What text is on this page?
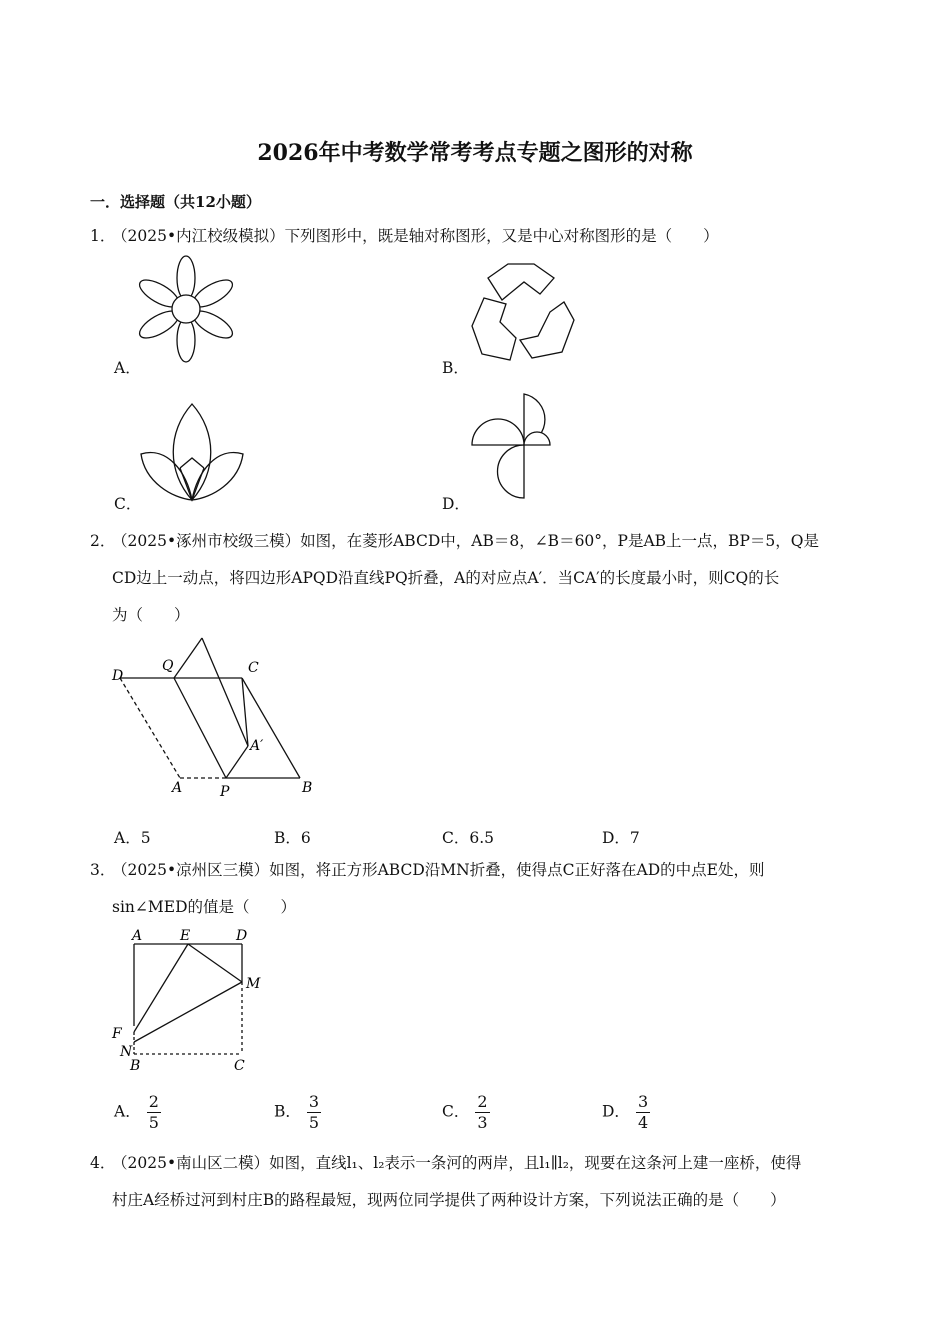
2026年中考数学常考考点专题之图形的对称
一．选择题（共12小题）
1．（2025•内江校级模拟）下列图形中，既是轴对称图形，又是中心对称图形的是（　　）
A．	B．
C．	D．
2．（2025•涿州市校级三模）如图，在菱形ABCD中，AB＝8，∠B＝60°，P是AB上一点，BP＝5，Q是
CD边上一动点，将四边形APQD沿直线PQ折叠，A的对应点A′．当CA′的长度最小时，则CQ的长
为（　　）
D
Q	C
A′
A	P	B
A．5	B．6	C．6.5	D．7
3．（2025•凉州区三模）如图，将正方形ABCD沿MN折叠，使得点C正好落在AD的中点E处，则
sin∠MED的值是（　　）
A	E	D
M
F
N
B	C
A． $\frac{2}{5}$	B． $\frac{3}{5}$	C． $\frac{2}{3}$	D． $\frac{3}{4}$
4．（2025•南山区二模）如图，直线l₁、l₂表示一条河的两岸，且l₁∥l₂，现要在这条河上建一座桥，使得
村庄A经桥过河到村庄B的路程最短，现两位同学提供了两种设计方案，下列说法正确的是（　　）
